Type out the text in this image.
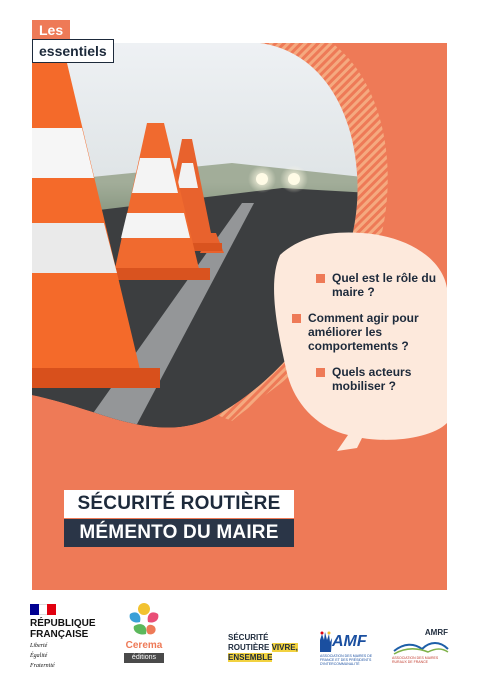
Les
Quel est le rôle du maire ?
Comment agir pour améliorer les comportements ?
Quels acteurs mobiliser ?
essentiels
SÉCURITÉ ROUTIÈRE
MÉMENTO DU MAIRE
RÉPUBLIQUE
FRANÇAISE
Liberté
Égalité
Fraternité
Cerema
éditions
SÉCURITÉ
ROUTIÈRE VIVRE,
ENSEMBLE
AMF
ASSOCIATION DES MAIRES DE FRANCE ET DES PRÉSIDENTS D'INTERCOMMUNALITÉ
AMRF
ASSOCIATION DES MAIRES RURAUX DE FRANCE
